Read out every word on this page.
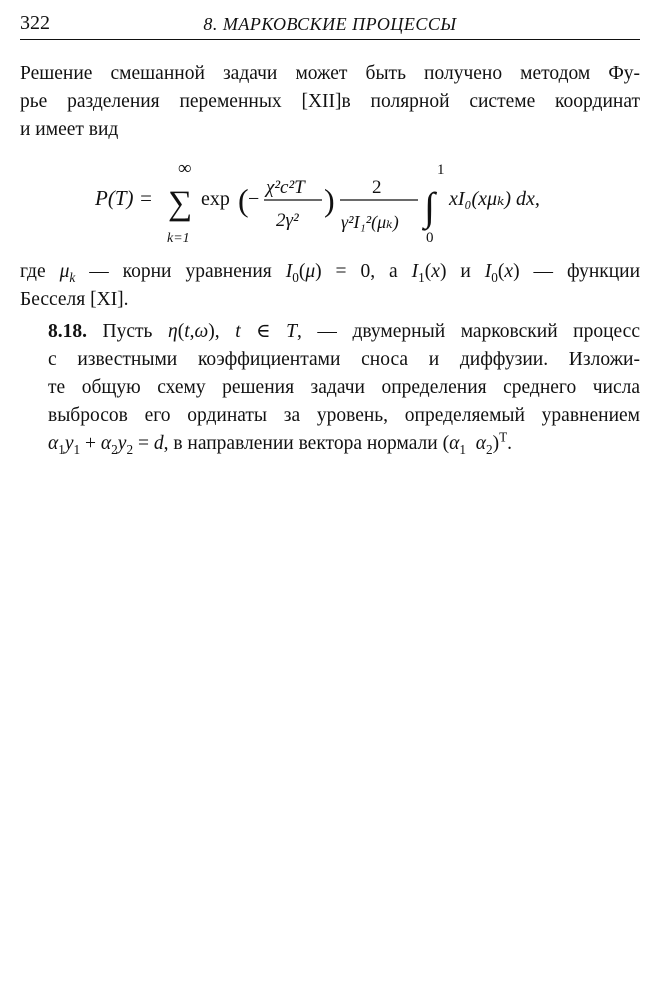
322	8. МАРКОВСКИЕ ПРОЦЕССЫ
Решение смешанной задачи может быть получено методом Фу-
рье разделения переменных [XII]в полярной системе координат
и имеет вид
P(T) =
∞
∑
k=1
exp ( −
χ²c²T
2γ²
) 2
γ²I₁²(μₖ)
1
∫
0
xI₀(xμₖ) dx,
где $\mu_k$ — корни уравнения $I_0(\mu) = 0$, а $I_1(x)$ и $I_0(x)$ — функции
Бесселя [XI].
8.18. Пусть η(t,ω), t ∈ T, — двумерный марковский процесс
с известными коэффициентами сноса и диффузии. Изложи-
те общую схему решения задачи определения среднего числа
выбросов его ординаты за уровень, определяемый уравнением
$\alpha_1y_1 + \alpha_2y_2 = d$, в направлении вектора нормали ($\alpha_1$ $\alpha_2)^T$.
